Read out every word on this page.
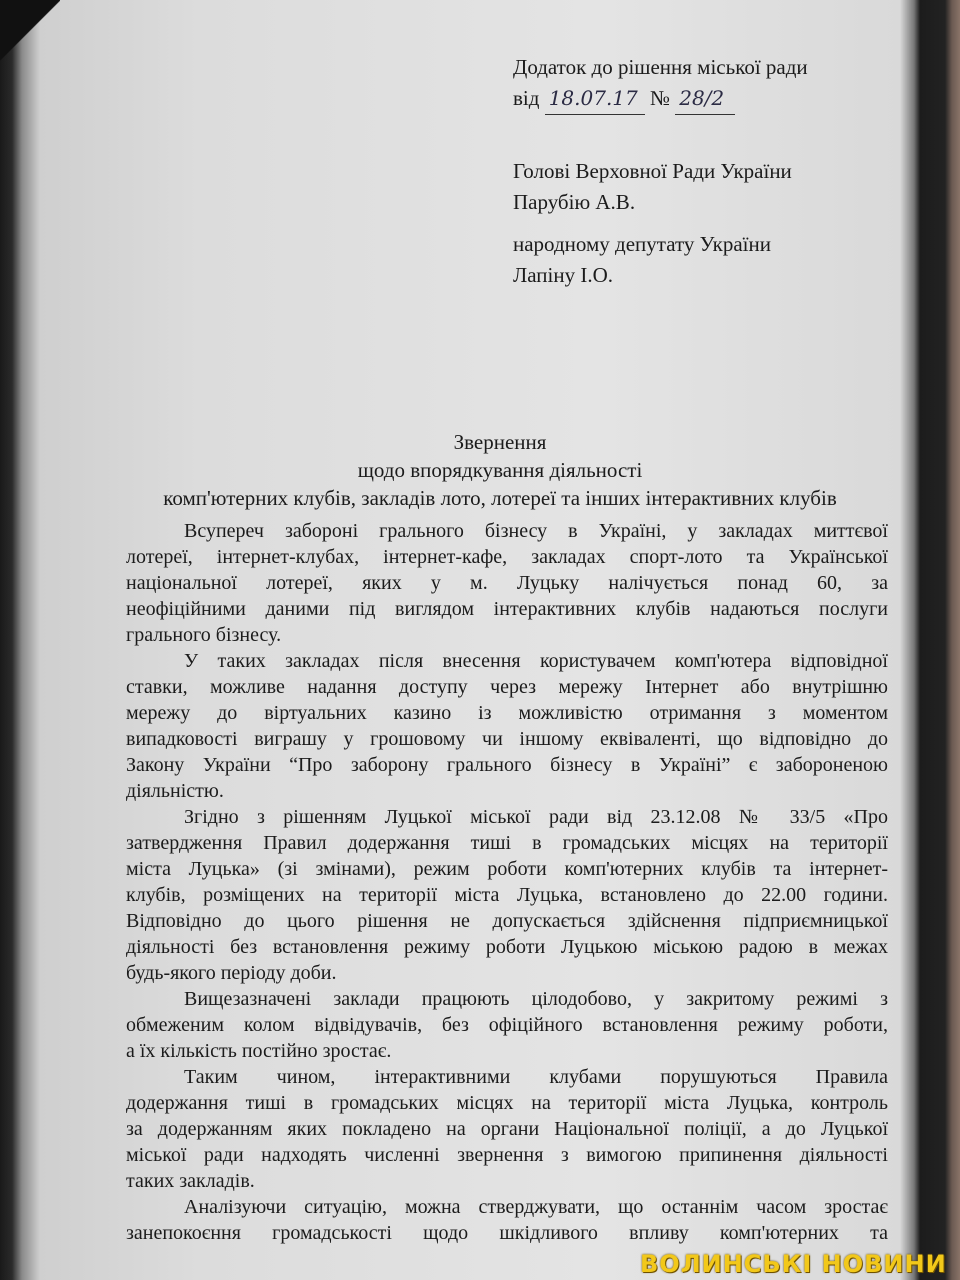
Додаток до рішення міської ради
від 18.07.17 № 28/2
Голові Верховної Ради України
Парубію А.В.
народному депутату України
Лапіну І.О.
Звернення
щодо впорядкування діяльності
комп'ютерних клубів, закладів лото, лотереї та інших інтерактивних клубів
Всупереч забороні грального бізнесу в Україні, у закладах миттєвої
лотереї, інтернет-клубах, інтернет-кафе, закладах спорт-лото та Української
національної лотереї, яких у м. Луцьку налічується понад 60, за
неофіційними даними під виглядом інтерактивних клубів надаються послуги
грального бізнесу.
У таких закладах після внесення користувачем комп'ютера відповідної
ставки, можливе надання доступу через мережу Інтернет або внутрішню
мережу до віртуальних казино із можливістю отримання з моментом
випадковості виграшу у грошовому чи іншому еквіваленті, що відповідно до
Закону України “Про заборону грального бізнесу в Україні” є забороненою
діяльністю.
Згідно з рішенням Луцької міської ради від 23.12.08 № 33/5 «Про
затвердження Правил додержання тиші в громадських місцях на території
міста Луцька» (зі змінами), режим роботи комп'ютерних клубів та інтернет-
клубів, розміщених на території міста Луцька, встановлено до 22.00 години.
Відповідно до цього рішення не допускається здійснення підприємницької
діяльності без встановлення режиму роботи Луцькою міською радою в межах
будь-якого періоду доби.
Вищезазначені заклади працюють цілодобово, у закритому режимі з
обмеженим колом відвідувачів, без офіційного встановлення режиму роботи,
а їх кількість постійно зростає.
Таким чином, інтерактивними клубами порушуються Правила
додержання тиші в громадських місцях на території міста Луцька, контроль
за додержанням яких покладено на органи Національної поліції, а до Луцької
міської ради надходять численні звернення з вимогою припинення діяльності
таких закладів.
Аналізуючи ситуацію, можна стверджувати, що останнім часом зростає
занепокоєння громадськості щодо шкідливого впливу комп'ютерних та
ВОЛИНСЬКІ НОВИНИ
